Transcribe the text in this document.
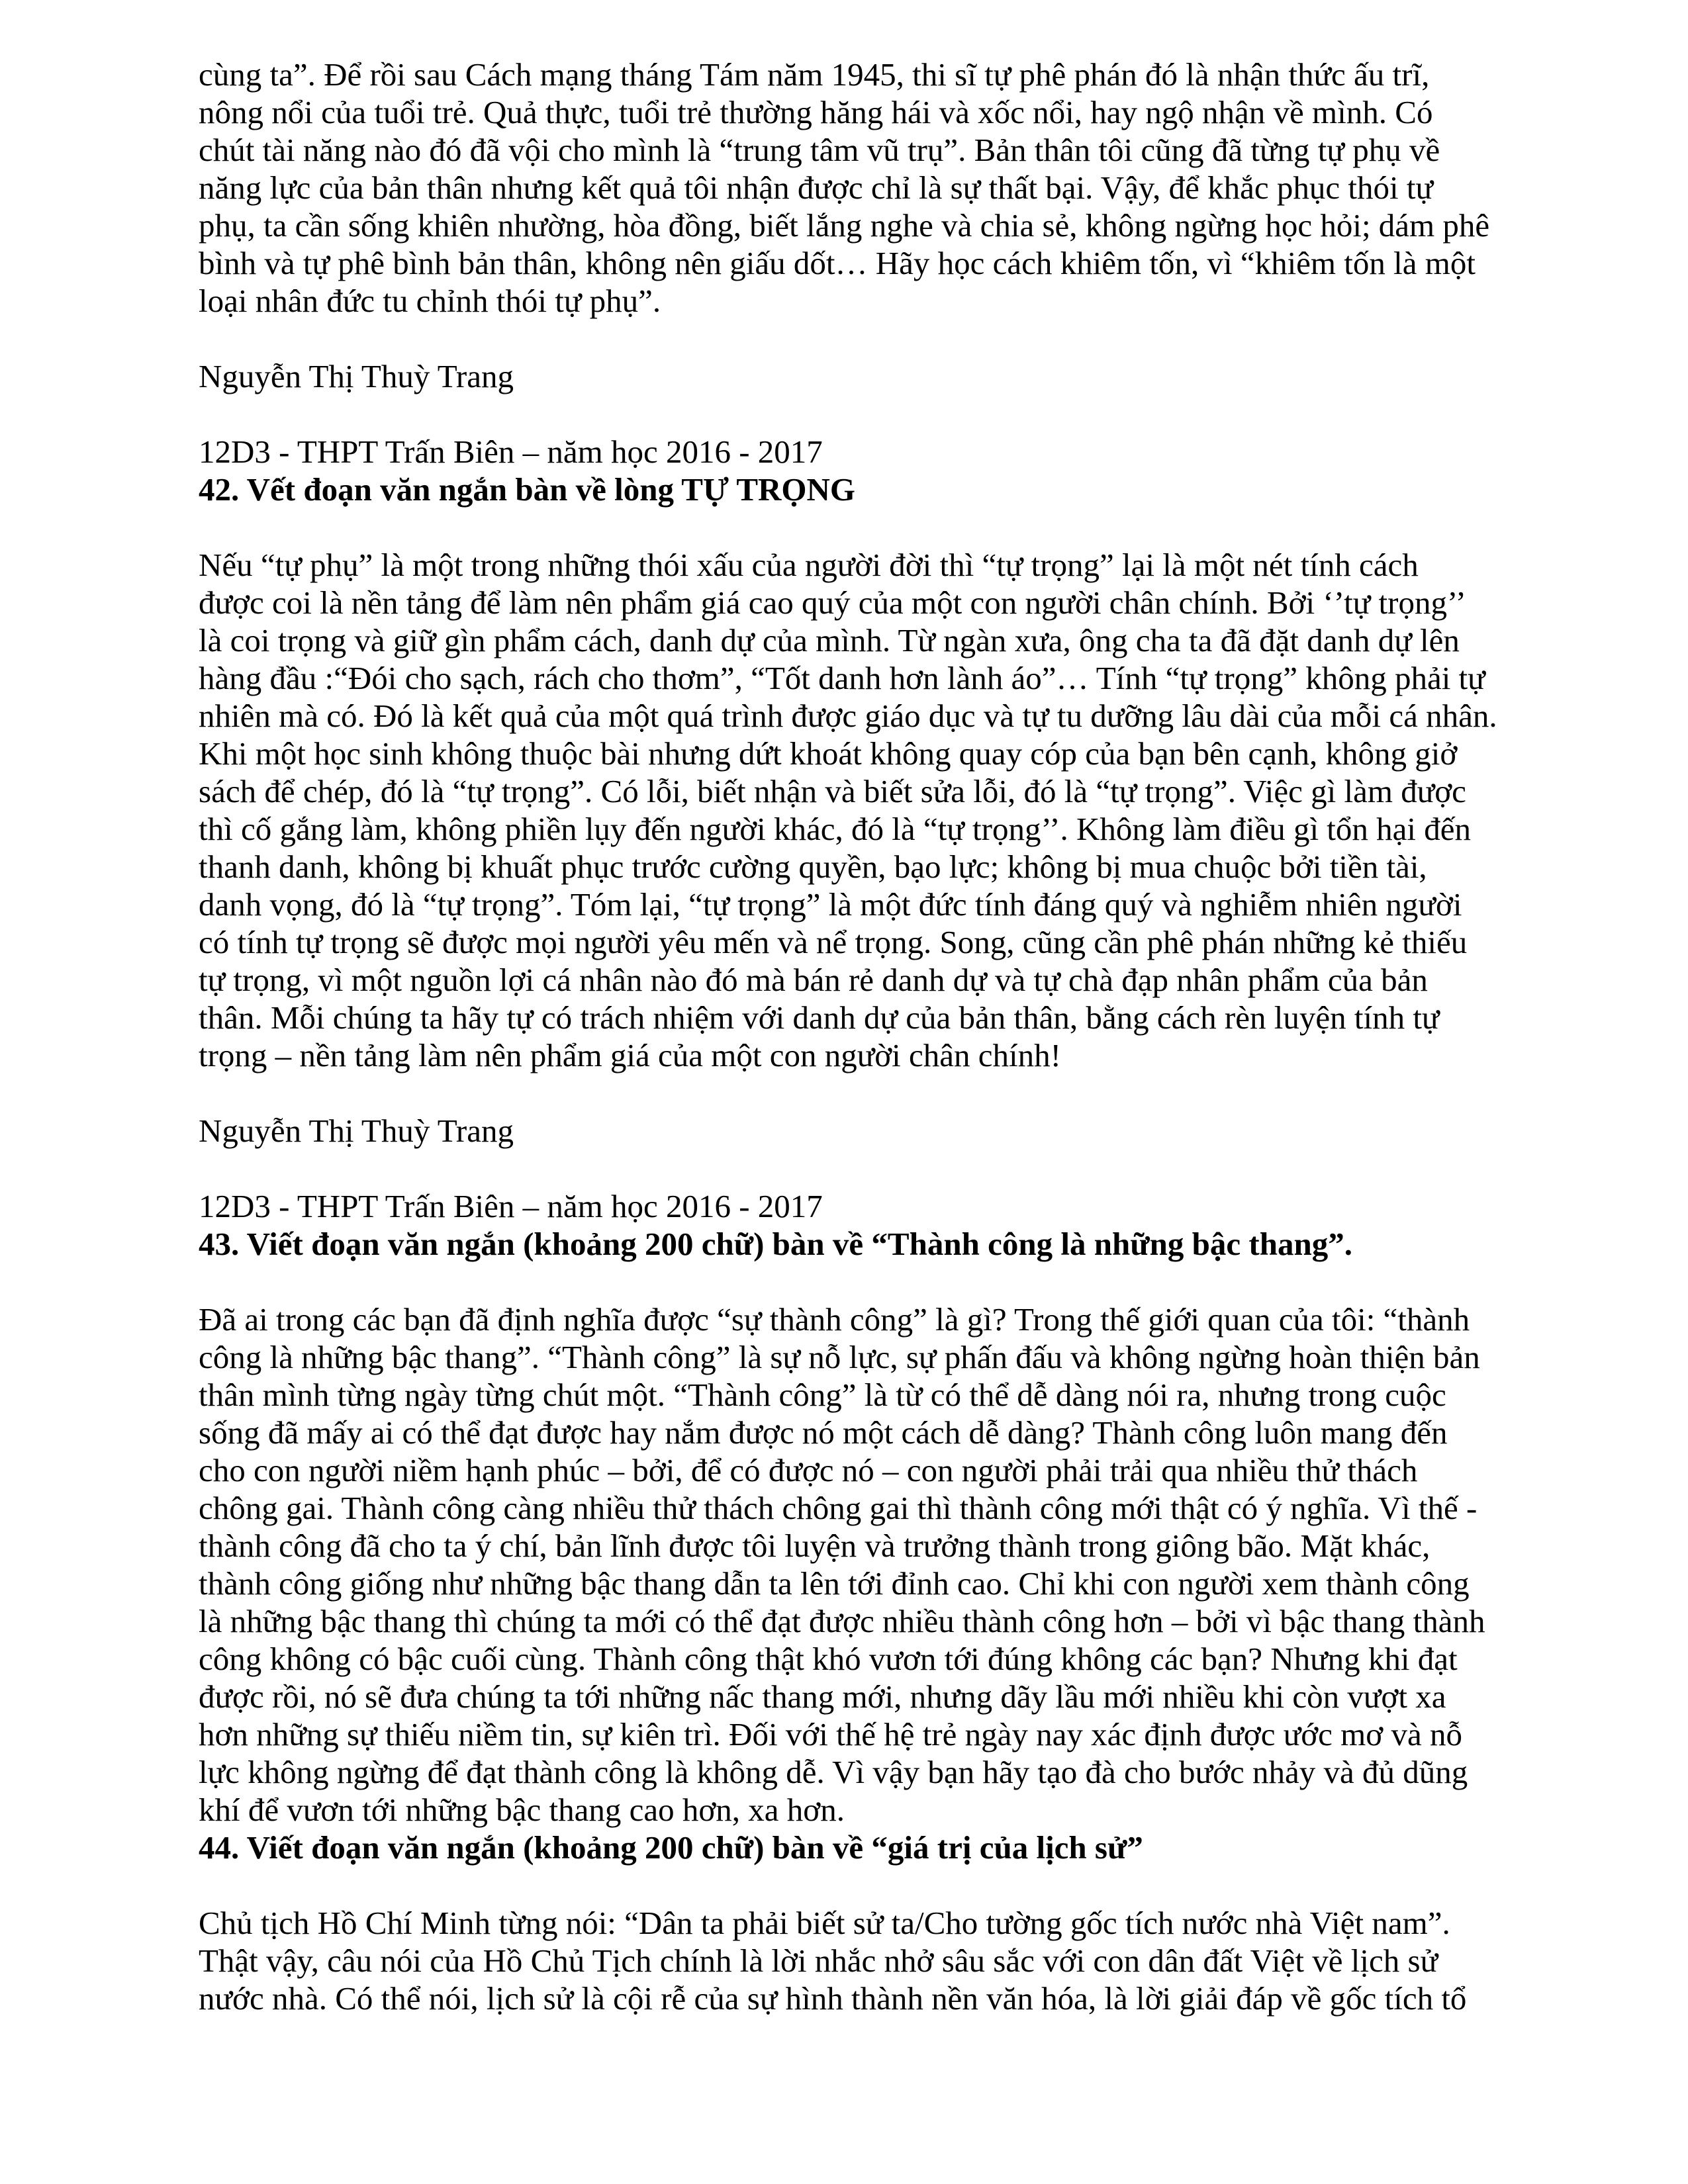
cùng ta”. Để rồi sau Cách mạng tháng Tám năm 1945, thi sĩ tự phê phán đó là nhận thức ấu trĩ,
nông nổi của tuổi trẻ. Quả thực, tuổi trẻ thường hăng hái và xốc nổi, hay ngộ nhận về mình. Có
chút tài năng nào đó đã vội cho mình là “trung tâm vũ trụ”. Bản thân tôi cũng đã từng tự phụ về
năng lực của bản thân nhưng kết quả tôi nhận được chỉ là sự thất bại. Vậy, để khắc phục thói tự
phụ, ta cần sống khiên nhường, hòa đồng, biết lắng nghe và chia sẻ, không ngừng học hỏi; dám phê
bình và tự phê bình bản thân, không nên giấu dốt… Hãy học cách khiêm tốn, vì “khiêm tốn là một
loại nhân đức tu chỉnh thói tự phụ”.

Nguyễn Thị Thuỳ Trang

12D3 - THPT Trấn Biên – năm học 2016 - 2017

42. Vết đoạn văn ngắn bàn về lòng TỰ TRỌNG

Nếu “tự phụ” là một trong những thói xấu của người đời thì “tự trọng” lại là một nét tính cách
được coi là nền tảng để làm nên phẩm giá cao quý của một con người chân chính. Bởi ‘’tự trọng’’
là coi trọng và giữ gìn phẩm cách, danh dự của mình. Từ ngàn xưa, ông cha ta đã đặt danh dự lên
hàng đầu :“Đói cho sạch, rách cho thơm”, “Tốt danh hơn lành áo”… Tính “tự trọng” không phải tự
nhiên mà có. Đó là kết quả của một quá trình được giáo dục và tự tu dưỡng lâu dài của mỗi cá nhân.
Khi một học sinh không thuộc bài nhưng dứt khoát không quay cóp của bạn bên cạnh, không giở
sách để chép, đó là “tự trọng”. Có lỗi, biết nhận và biết sửa lỗi, đó là “tự trọng”. Việc gì làm được
thì cố gắng làm, không phiền lụy đến người khác, đó là “tự trọng’’. Không làm điều gì tổn hại đến
thanh danh, không bị khuất phục trước cường quyền, bạo lực; không bị mua chuộc bởi tiền tài,
danh vọng, đó là “tự trọng”. Tóm lại, “tự trọng” là một đức tính đáng quý và nghiễm nhiên người
có tính tự trọng sẽ được mọi người yêu mến và nể trọng. Song, cũng cần phê phán những kẻ thiếu
tự trọng, vì một nguồn lợi cá nhân nào đó mà bán rẻ danh dự và tự chà đạp nhân phẩm của bản
thân. Mỗi chúng ta hãy tự có trách nhiệm với danh dự của bản thân, bằng cách rèn luyện tính tự
trọng – nền tảng làm nên phẩm giá của một con người chân chính!

Nguyễn Thị Thuỳ Trang

12D3 - THPT Trấn Biên – năm học 2016 - 2017

43. Viết đoạn văn ngắn (khoảng 200 chữ) bàn về “Thành công là những bậc thang”.

Đã ai trong các bạn đã định nghĩa được “sự thành công” là gì? Trong thế giới quan của tôi: “thành
công là những bậc thang”. “Thành công” là sự nỗ lực, sự phấn đấu và không ngừng hoàn thiện bản
thân mình từng ngày từng chút một. “Thành công” là từ có thể dễ dàng nói ra, nhưng trong cuộc
sống đã mấy ai có thể đạt được hay nắm được nó một cách dễ dàng? Thành công luôn mang đến
cho con người niềm hạnh phúc – bởi, để có được nó – con người phải trải qua nhiều thử thách
chông gai. Thành công càng nhiều thử thách chông gai thì thành công mới thật có ý nghĩa. Vì thế -
thành công đã cho ta ý chí, bản lĩnh được tôi luyện và trưởng thành trong giông bão. Mặt khác,
thành công giống như những bậc thang dẫn ta lên tới đỉnh cao. Chỉ khi con người xem thành công
là những bậc thang thì chúng ta mới có thể đạt được nhiều thành công hơn – bởi vì bậc thang thành
công không có bậc cuối cùng. Thành công thật khó vươn tới đúng không các bạn? Nhưng khi đạt
được rồi, nó sẽ đưa chúng ta tới những nấc thang mới, nhưng dãy lầu mới nhiều khi còn vượt xa
hơn những sự thiếu niềm tin, sự kiên trì. Đối với thế hệ trẻ ngày nay xác định được ước mơ và nỗ
lực không ngừng để đạt thành công là không dễ. Vì vậy bạn hãy tạo đà cho bước nhảy và đủ dũng
khí để vươn tới những bậc thang cao hơn, xa hơn.

44. Viết đoạn văn ngắn (khoảng 200 chữ) bàn về “giá trị của lịch sử”

Chủ tịch Hồ Chí Minh từng nói: “Dân ta phải biết sử ta/Cho tường gốc tích nước nhà Việt nam”.
Thật vậy, câu nói của Hồ Chủ Tịch chính là lời nhắc nhở sâu sắc với con dân đất Việt về lịch sử
nước nhà. Có thể nói, lịch sử là cội rễ của sự hình thành nền văn hóa, là lời giải đáp về gốc tích tổ
